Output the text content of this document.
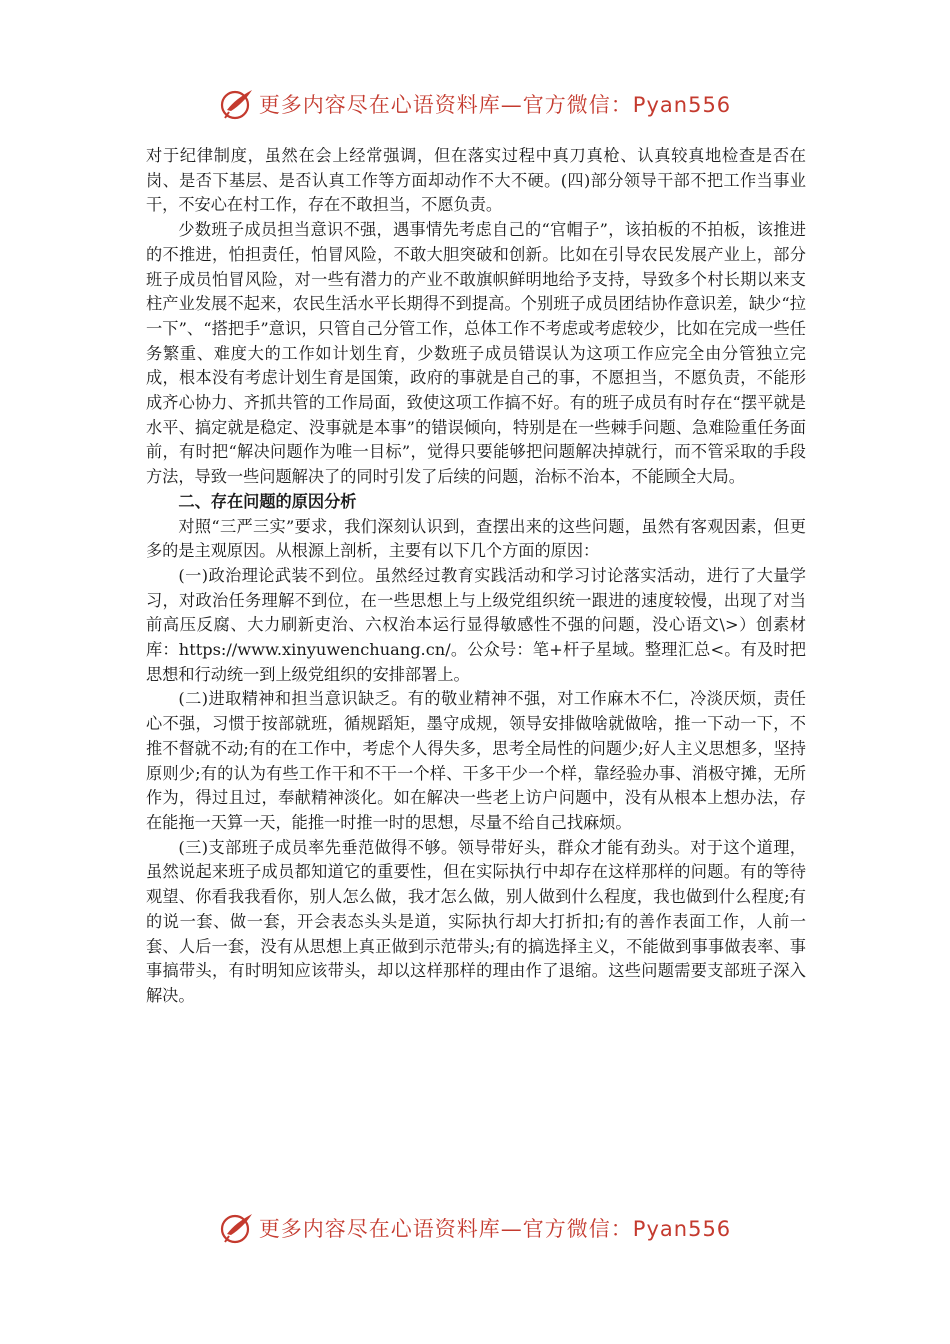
更多内容尽在心语资料库—官方微信：Pyan556

对于纪律制度，虽然在会上经常强调，但在落实过程中真刀真枪、认真较真地检查是否在岗、是否下基层、是否认真工作等方面却动作不大不硬。(四)部分领导干部不把工作当事业干，不安心在村工作，存在不敢担当，不愿负责。

少数班子成员担当意识不强，遇事情先考虑自己的“官帽子”，该拍板的不拍板，该推进的不推进，怕担责任，怕冒风险，不敢大胆突破和创新。比如在引导农民发展产业上，部分班子成员怕冒风险，对一些有潜力的产业不敢旗帜鲜明地给予支持，导致多个村长期以来支柱产业发展不起来，农民生活水平长期得不到提高。个别班子成员团结协作意识差，缺少“拉一下”、“搭把手”意识，只管自己分管工作，总体工作不考虑或考虑较少，比如在完成一些任务繁重、难度大的工作如计划生育，少数班子成员错误认为这项工作应完全由分管独立完成，根本没有考虑计划生育是国策，政府的事就是自己的事，不愿担当，不愿负责，不能形成齐心协力、齐抓共管的工作局面，致使这项工作搞不好。有的班子成员有时存在“摆平就是水平、搞定就是稳定、没事就是本事”的错误倾向，特别是在一些棘手问题、急难险重任务面前，有时把“解决问题作为唯一目标”，觉得只要能够把问题解决掉就行，而不管采取的手段方法，导致一些问题解决了的同时引发了后续的问题，治标不治本，不能顾全大局。

二、存在问题的原因分析

对照“三严三实”要求，我们深刻认识到，查摆出来的这些问题，虽然有客观因素，但更多的是主观原因。从根源上剖析，主要有以下几个方面的原因：

(一)政治理论武装不到位。虽然经过教育实践活动和学习讨论落实活动，进行了大量学习，对政治任务理解不到位，在一些思想上与上级党组织统一跟进的速度较慢，出现了对当前高压反腐、大力刷新吏治、六权治本运行显得敏感性不强的问题，没心语文\>）创素材库：https://www.xinyuwenchuang.cn/。公众号：笔+杆子星域。整理汇总<。有及时把思想和行动统一到上级党组织的安排部署上。

(二)进取精神和担当意识缺乏。有的敬业精神不强，对工作麻木不仁，冷淡厌烦，责任心不强，习惯于按部就班，循规蹈矩，墨守成规，领导安排做啥就做啥，推一下动一下，不推不督就不动;有的在工作中，考虑个人得失多，思考全局性的问题少;好人主义思想多，坚持原则少;有的认为有些工作干和不干一个样、干多干少一个样，靠经验办事、消极守摊，无所作为，得过且过，奉献精神淡化。如在解决一些老上访户问题中，没有从根本上想办法，存在能拖一天算一天，能推一时推一时的思想，尽量不给自己找麻烦。

(三)支部班子成员率先垂范做得不够。领导带好头，群众才能有劲头。对于这个道理，虽然说起来班子成员都知道它的重要性，但在实际执行中却存在这样那样的问题。有的等待观望、你看我我看你，别人怎么做，我才怎么做，别人做到什么程度，我也做到什么程度;有的说一套、做一套，开会表态头头是道，实际执行却大打折扣;有的善作表面工作，人前一套、人后一套，没有从思想上真正做到示范带头;有的搞选择主义，不能做到事事做表率、事事搞带头，有时明知应该带头，却以这样那样的理由作了退缩。这些问题需要支部班子深入解决。

更多内容尽在心语资料库—官方微信：Pyan556
